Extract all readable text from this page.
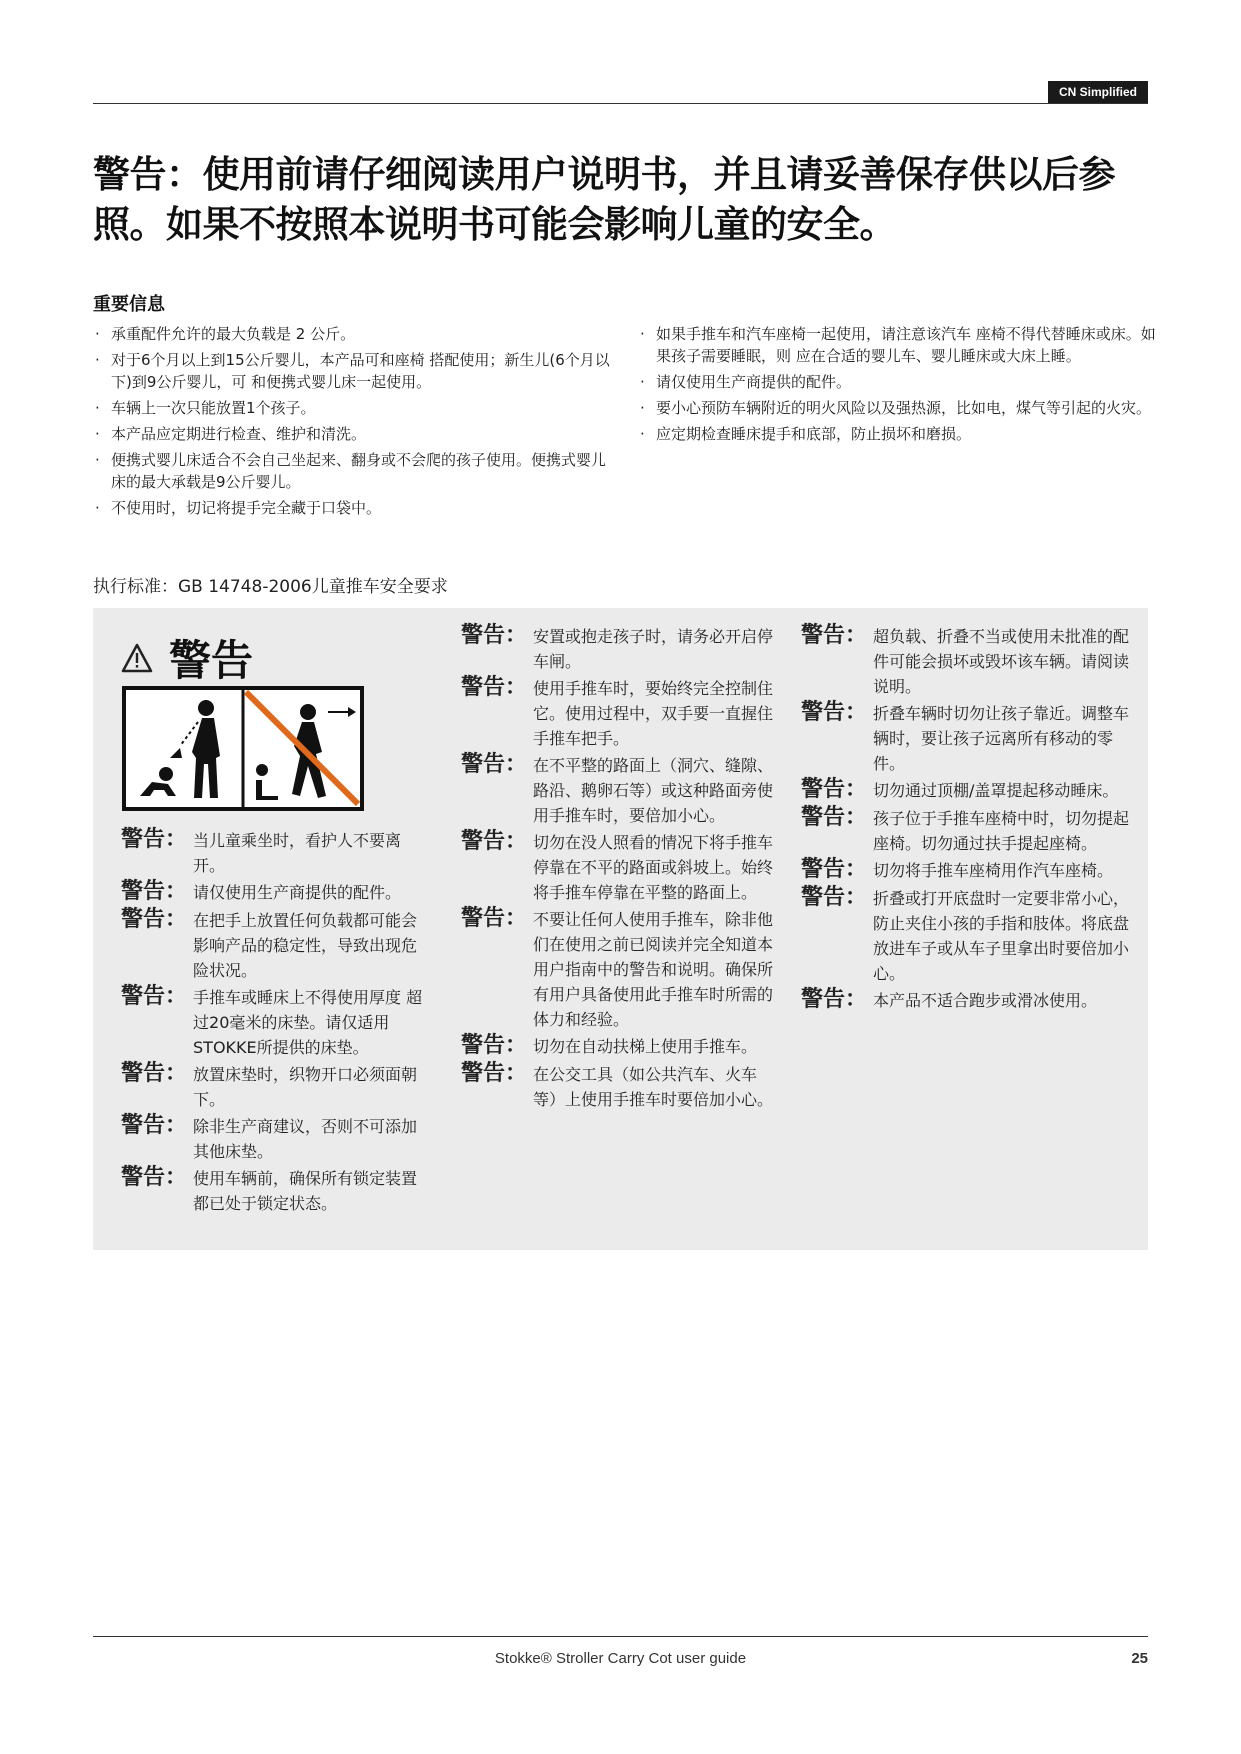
CN Simplified
警告：使用前请仔细阅读用户说明书，并且请妥善保存供以后参照。如果不按照本说明书可能会影响儿童的安全。
重要信息
· 承重配件允许的最大负载是 2 公斤。
· 对于6个月以上到15公斤婴儿，本产品可和座椅 搭配使用；新生儿(6个月以下)到9公斤婴儿，可 和便携式婴儿床一起使用。
· 车辆上一次只能放置1个孩子。
· 本产品应定期进行检查、维护和清洗。
· 便携式婴儿床适合不会自己坐起来、翻身或不会爬的孩子使用。便携式婴儿床的最大承载是9公斤婴儿。
· 不使用时，切记将提手完全藏于口袋中。
· 如果手推车和汽车座椅一起使用，请注意该汽车 座椅不得代替睡床或床。如果孩子需要睡眠，则 应在合适的婴儿车、婴儿睡床或大床上睡。
· 请仅使用生产商提供的配件。
· 要小心预防车辆附近的明火风险以及强热源，比如电，煤气等引起的火灾。
· 应定期检查睡床提手和底部，防止损坏和磨损。

执行标准：GB 14748-2006儿童推车安全要求

警告
警告： 当儿童乘坐时，看护人不要离开。
警告： 请仅使用生产商提供的配件。
警告： 在把手上放置任何负载都可能会影响产品的稳定性，导致出现危险状况。
警告： 手推车或睡床上不得使用厚度 超过20毫米的床垫。请仅适用STOKKE所提供的床垫。
警告： 放置床垫时，织物开口必须面朝下。
警告： 除非生产商建议，否则不可添加其他床垫。
警告： 使用车辆前，确保所有锁定装置都已处于锁定状态。
警告： 安置或抱走孩子时，请务必开启停车闸。
警告： 使用手推车时，要始终完全控制住它。使用过程中，双手要一直握住手推车把手。
警告： 在不平整的路面上（洞穴、缝隙、路沿、鹅卵石等）或这种路面旁使用手推车时，要倍加小心。
警告： 切勿在没人照看的情况下将手推车停靠在不平的路面或斜坡上。始终将手推车停靠在平整的路面上。
警告： 不要让任何人使用手推车，除非他们在使用之前已阅读并完全知道本用户指南中的警告和说明。确保所有用户具备使用此手推车时所需的体力和经验。
警告： 切勿在自动扶梯上使用手推车。
警告： 在公交工具（如公共汽车、火车等）上使用手推车时要倍加小心。
警告： 超负载、折叠不当或使用未批准的配件可能会损坏或毁坏该车辆。请阅读说明。
警告： 折叠车辆时切勿让孩子靠近。调整车辆时，要让孩子远离所有移动的零件。
警告： 切勿通过顶棚/盖罩提起移动睡床。
警告： 孩子位于手推车座椅中时，切勿提起座椅。切勿通过扶手提起座椅。
警告： 切勿将手推车座椅用作汽车座椅。
警告： 折叠或打开底盘时一定要非常小心，防止夹住小孩的手指和肢体。将底盘放进车子或从车子里拿出时要倍加小心。
警告： 本产品不适合跑步或滑冰使用。
Stokke® Stroller Carry Cot user guide	25
